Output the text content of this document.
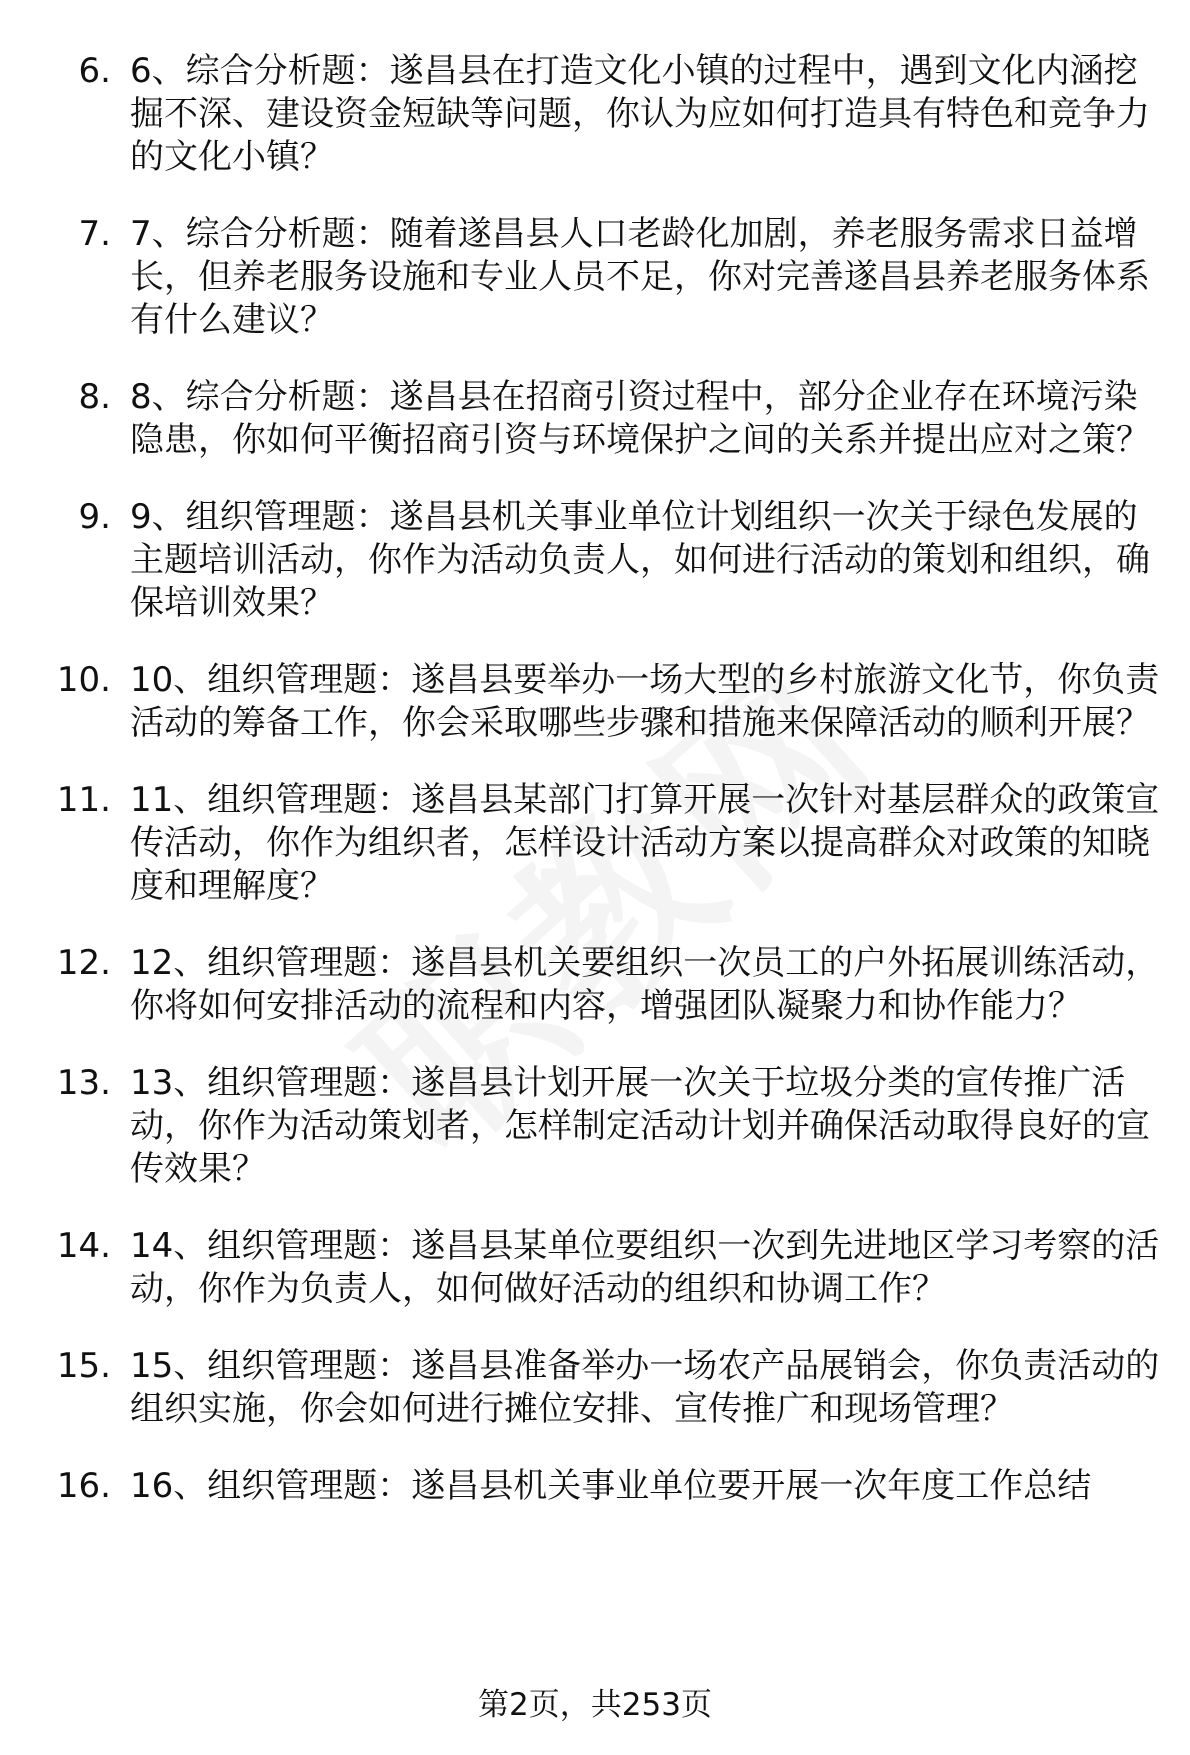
6. 6、综合分析题：遂昌县在打造文化小镇的过程中，遇到文化内涵挖掘不深、建设资金短缺等问题，你认为应如何打造具有特色和竞争力的文化小镇？
7. 7、综合分析题：随着遂昌县人口老龄化加剧，养老服务需求日益增长，但养老服务设施和专业人员不足，你对完善遂昌县养老服务体系有什么建议？
8. 8、综合分析题：遂昌县在招商引资过程中，部分企业存在环境污染隐患，你如何平衡招商引资与环境保护之间的关系并提出应对之策？
9. 9、组织管理题：遂昌县机关事业单位计划组织一次关于绿色发展的主题培训活动，你作为活动负责人，如何进行活动的策划和组织，确保培训效果？
10. 10、组织管理题：遂昌县要举办一场大型的乡村旅游文化节，你负责活动的筹备工作，你会采取哪些步骤和措施来保障活动的顺利开展？
11. 11、组织管理题：遂昌县某部门打算开展一次针对基层群众的政策宣传活动，你作为组织者，怎样设计活动方案以提高群众对政策的知晓度和理解度？
12. 12、组织管理题：遂昌县机关要组织一次员工的户外拓展训练活动，你将如何安排活动的流程和内容，增强团队凝聚力和协作能力？
13. 13、组织管理题：遂昌县计划开展一次关于垃圾分类的宣传推广活动，你作为活动策划者，怎样制定活动计划并确保活动取得良好的宣传效果？
14. 14、组织管理题：遂昌县某单位要组织一次到先进地区学习考察的活动，你作为负责人，如何做好活动的组织和协调工作？
15. 15、组织管理题：遂昌县准备举办一场农产品展销会，你负责活动的组织实施，你会如何进行摊位安排、宣传推广和现场管理？
16. 16、组织管理题：遂昌县机关事业单位要开展一次年度工作总结
第2页，共253页
